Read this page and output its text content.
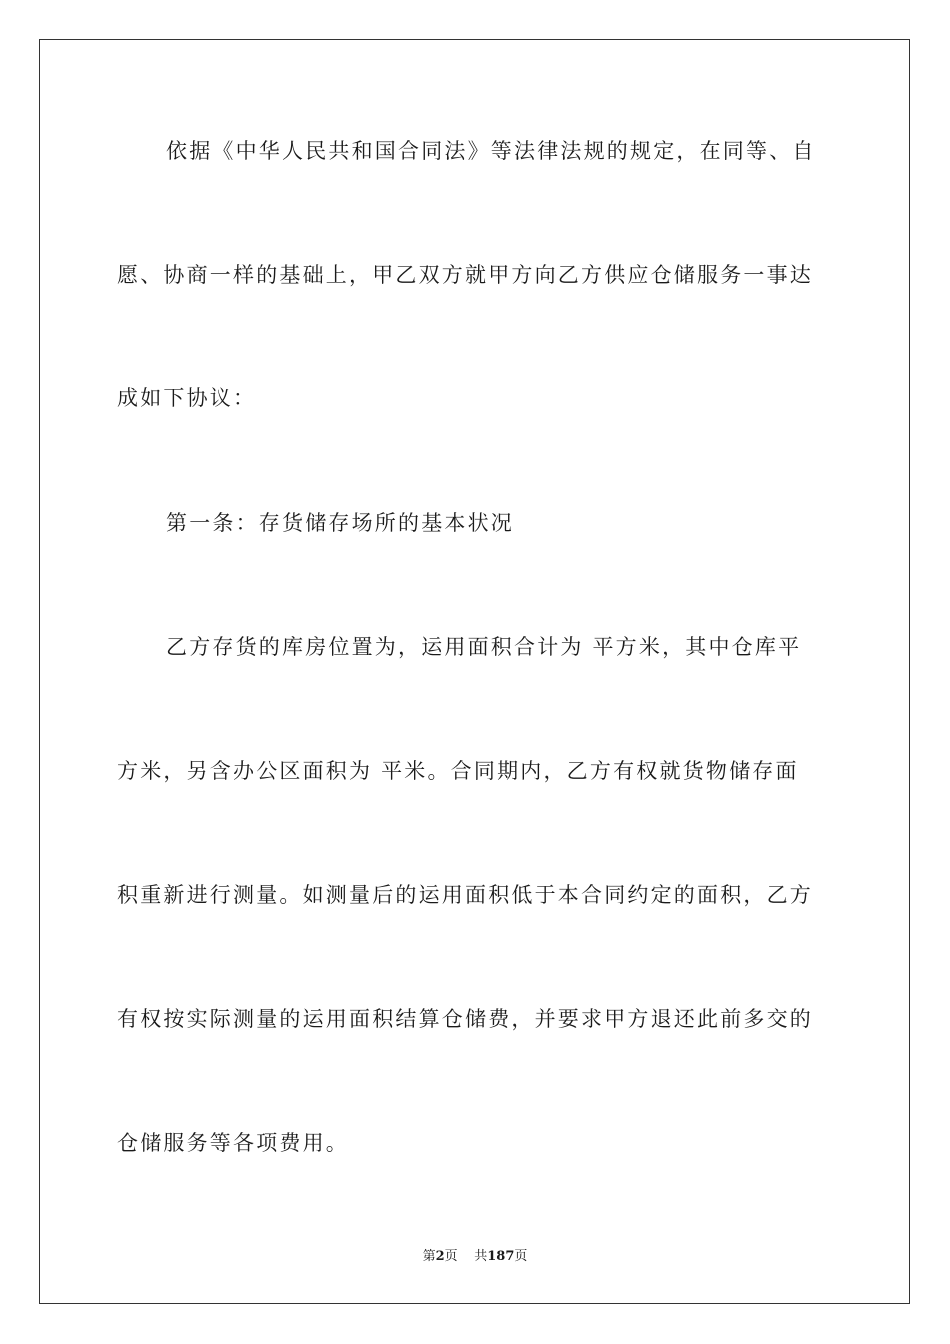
依据《中华人民共和国合同法》等法律法规的规定，在同等、自
愿、协商一样的基础上，甲乙双方就甲方向乙方供应仓储服务一事达
成如下协议：
第一条：存货储存场所的基本状况
乙方存货的库房位置为，运用面积合计为 平方米，其中仓库平
方米，另含办公区面积为 平米。合同期内，乙方有权就货物储存面
积重新进行测量。如测量后的运用面积低于本合同约定的面积，乙方
有权按实际测量的运用面积结算仓储费，并要求甲方退还此前多交的
仓储服务等各项费用。
第2页 共187页
